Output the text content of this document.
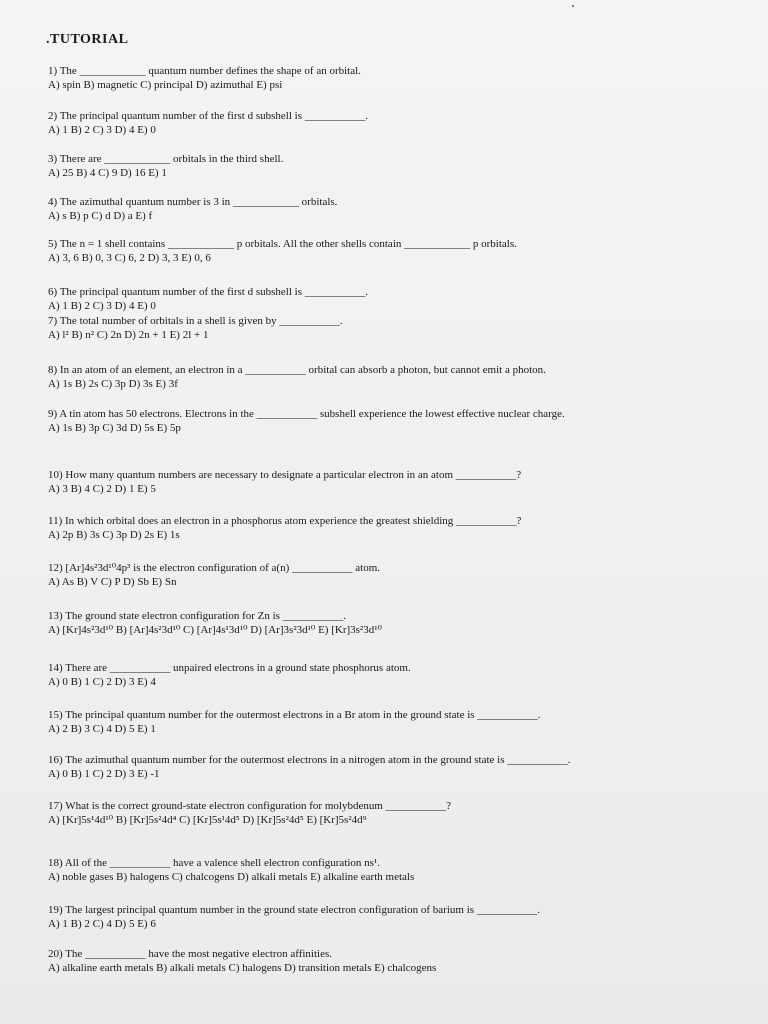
.TUTORIAL
1) The ____________ quantum number defines the shape of an orbital.
A) spin B) magnetic C) principal D) azimuthal E) psi
2) The principal quantum number of the first d subshell is ___________.
A) 1 B) 2 C) 3 D) 4 E) 0
3) There are ____________ orbitals in the third shell.
A) 25 B) 4 C) 9 D) 16 E) 1
4) The azimuthal quantum number is 3 in ____________ orbitals.
A) s B) p C) d D) a E) f
5) The n = 1 shell contains ____________ p orbitals. All the other shells contain ____________ p orbitals.
A) 3, 6 B) 0, 3 C) 6, 2 D) 3, 3 E) 0, 6
6) The principal quantum number of the first d subshell is ___________.
A) 1 B) 2 C) 3 D) 4 E) 0
7) The total number of orbitals in a shell is given by ___________.
A) l² B) n² C) 2n D) 2n + 1 E) 2l + 1
8) In an atom of an element, an electron in a ___________ orbital can absorb a photon, but cannot emit a photon.
A) 1s B) 2s C) 3p D) 3s E) 3f
9) A tin atom has 50 electrons. Electrons in the ___________ subshell experience the lowest effective nuclear charge.
A) 1s B) 3p C) 3d D) 5s E) 5p
10) How many quantum numbers are necessary to designate a particular electron in an atom ___________?
A) 3 B) 4 C) 2 D) 1 E) 5
11) In which orbital does an electron in a phosphorus atom experience the greatest shielding ___________?
A) 2p B) 3s C) 3p D) 2s E) 1s
12) [Ar]4s²3d¹⁰4p³ is the electron configuration of a(n) ___________ atom.
A) As B) V C) P D) Sb E) Sn
13) The ground state electron configuration for Zn is ___________.
A) [Kr]4s²3d¹⁰ B) [Ar]4s²3d¹⁰ C) [Ar]4s¹3d¹⁰ D) [Ar]3s²3d¹⁰ E) [Kr]3s²3d¹⁰
14) There are ___________ unpaired electrons in a ground state phosphorus atom.
A) 0 B) 1 C) 2 D) 3 E) 4
15) The principal quantum number for the outermost electrons in a Br atom in the ground state is ___________.
A) 2 B) 3 C) 4 D) 5 E) 1
16) The azimuthal quantum number for the outermost electrons in a nitrogen atom in the ground state is ___________.
A) 0 B) 1 C) 2 D) 3 E) -1
17) What is the correct ground-state electron configuration for molybdenum ___________?
A) [Kr]5s¹4d¹⁰ B) [Kr]5s²4d⁴ C) [Kr]5s¹4d⁵ D) [Kr]5s²4d⁵ E) [Kr]5s²4d⁹
18) All of the ___________ have a valence shell electron configuration ns¹.
A) noble gases B) halogens C) chalcogens D) alkali metals E) alkaline earth metals
19) The largest principal quantum number in the ground state electron configuration of barium is ___________.
A) 1 B) 2 C) 4 D) 5 E) 6
20) The ___________ have the most negative electron affinities.
A) alkaline earth metals B) alkali metals C) halogens D) transition metals E) chalcogens
